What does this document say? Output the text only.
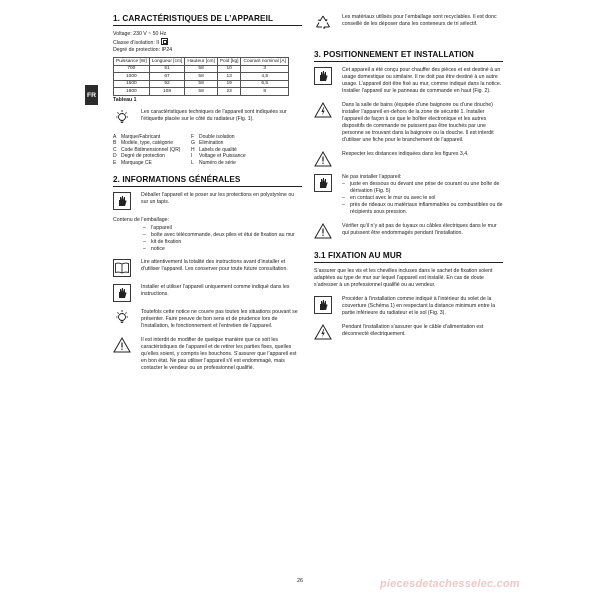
FR

1. CARACTÉRISTIQUES DE L’APPAREIL

Voltage: 230 V ~ 50 Hz

Classe d’isolation: II

Degré de protection: IP24

Puissance [W]	Longueur [cm]	Hauteur [cm]	Poid [kg]	Courant nominal [A]
700	51	58	10	3
1000	67	58	13	4,5
1500	92	58	19	6,5
1800	108	58	23	8

Tableau 1

Les caractéristiques techniques de l’appareil sont indiquées sur l’étiquette placée sur le côté du radiateur (Fig. 1).

A Marque/Fabricant	F Double isolation
B Modèle, type, catégorie	G Elimination
C Code Bidimensionnel (QR)	H Labels de qualité
D Degré de protection	I	Voltage et Puissance
E Marquage CE	L	Numéro de série

2. INFORMATIONS GÉNÉRALES

Déballer l’appareil et le poser sur les protections en polystyrène ou sur un tapis.

Contenu de l’emballage:

– l’appareil
– boîte avec télécommande, deux piles et étui de fixation au mur
– kit de fixation
– notice

Lire attentivement la totalité des instructions avant d’installer et d’utiliser l’appareil. Les conserver pour toute future consultation.

Installer et utiliser l’appareil uniquement comme indiqué dans les instructions.

Toutefois cette notice ne couvre pas toutes les situations pouvant se présenter. Faire preuve de bon sens et de prudence lors de l’installation, le fonctionnement et l’entretien de l’appareil.

Il est interdit de modifier de quelque manière que ce soit les caractéristiques de l’appareil et de retirer les parties fixes, quelles qu’elles soient, y compris les bouchons. S’assurer que l’appareil est en bon état. Ne pas utiliser l’appareil s’il est endommagé, mais contacter le vendeur ou un professionnel qualifié.

Les matériaux utilisés pour l’emballage sont recyclables. Il est donc conseillé de les déposer dans les conteneurs de tri sélectif.

3. POSITIONNEMENT ET INSTALLATION

Cet appareil a été conçu pour chauffer des pièces et est destiné à un usage domestique ou similaire. Il ne doit pas être destiné à un autre usage. L’appareil doit être fixé au mur, comme indiqué dans la notice. Installer l’appareil sur le panneau de commande en haut (Fig. 2).

Dans la salle de bains (équipée d’une baignoire ou d’une douche) installer l’appareil en-dehors de la zone de sécurité 1. Installer l’appareil de façon à ce que le boîtier électronique et les autres dispositifs de commande ne puissent pas être touchés par une personne se trouvant dans la baignoire ou la douche. Il est interdit d’utiliser une fiche pour le branchement de l’appareil.

Respecter les distances indiquées dans les figures 3,4.

Ne pas installer l’appareil:

– juste en dessous ou devant une prise de courant ou une boîte de dérivation (Fig. 5)
– en contact avec le mur ou avec le sol
– près de rideaux ou matériaux inflammables ou combustibles ou de récipients sous pression.

Vérifier qu’il n’y ait pas de tuyaux ou câbles électriques dans le mur qui puissent être endommagés pendant l’installation.

3.1 FIXATION AU MUR

S’assurer que les vis et les chevilles incluses dans le sachet de fixation soient adaptées au type de mur sur lequel l’appareil est installé. En cas de doute s’adresser à un professionnel qualifié ou au vendeur.

Procéder à l’installation comme indiqué à l’intérieur du volet de la couverture (Schéma 1) en respectant la distance minimum entre la partie inférieure du radiateur et le sol (Fig. 3).

Pendant l’installation s’assurer que le câble d’alimentation est déconnecté électriquement.

26	piecesdetachesselec.com
